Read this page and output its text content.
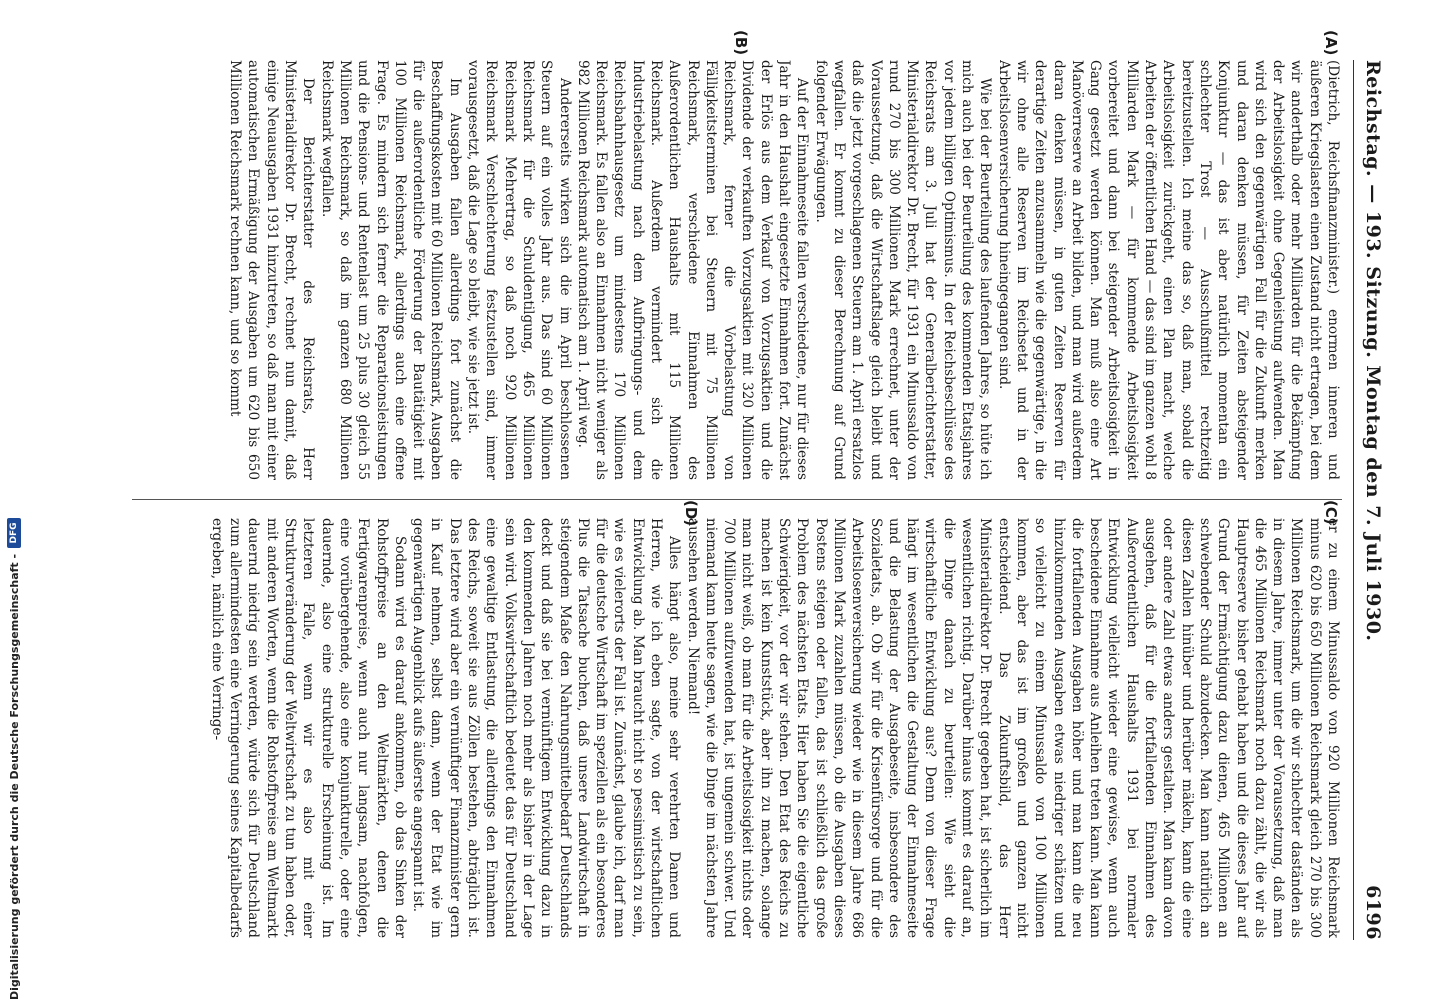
Reichstag. — 193. Sitzung. Montag den 7. Juli 1930.
6196

(Dietrich, Reichsfinanzminister.) enormen inneren und äußeren Kriegslasten einen Zustand nicht ertragen, bei dem wir anderthalb oder mehr Milliarden für die Bekämpfung der Arbeitslosigkeit ohne Gegenleistung aufwenden. Man wird sich den gegenwärtigen Fall für die Zukunft merken und daran denken müssen, für Zeiten absteigender Konjunktur — das ist aber natürlich momentan ein schlechter Trost — Ausschußmittel rechtzeitig bereitzustellen. Ich meine das so, daß man, sobald die Arbeitslosigkeit zurückgeht, einen Plan macht, welche Arbeiten der öffentlichen Hand — das sind im ganzen wohl 8 Milliarden Mark — für kommende Arbeitslosigkeit vorbereitet und dann bei steigender Arbeitslosigkeit in Gang gesetzt werden können. Man muß also eine Art Manöverreserve an Arbeit bilden, und man wird außerdem daran denken müssen, in guten Zeiten Reserven für derartige Zeiten anzusammeln wie die gegenwärtige, in die wir ohne alle Reserven im Reichsetat und in der Arbeitslosenversicherung hineingegangen sind.

Wie bei der Beurteilung des laufenden Jahres, so hüte ich mich auch bei der Beurteilung des kommenden Etatsjahres vor jedem billigen Optimismus. In der Reichsbeschlüsse des Reichsrats am 3. Juli hat der Generalberichterstatter, Ministerialdirektor Dr. Brecht, für 1931 ein Minussaldo von rund 270 bis 300 Millionen Mark errechnet, unter der Voraussetzung, daß die Wirtschaftslage gleich bleibt und daß die jetzt vorgeschlagenen Steuern am 1. April ersatzlos wegfallen. Er kommt zu dieser Berechnung auf Grund folgender Erwägungen.

Auf der Einnahmeseite fallen verschiedene, nur für dieses Jahr in den Haushalt eingesetzte Einnahmen fort. Zunächst der Erlös aus dem Verkauf von Vorzugsaktien und die Dividende der verkauften Vorzugsaktien mit 320 Millionen Reichsmark, ferner die Vorbelastung von Fälligkeitsterminen bei Steuern mit 75 Millionen Reichsmark, verschiedene Einnahmen des Außerordentlichen Haushalts mit 115 Millionen Reichsmark. Außerdem vermindert sich die Industriebelastung nach dem Aufbringungs- und dem Reichsbahnhausgesetz um mindestens 170 Millionen Reichsmark. Es fallen also an Einnahmen nicht weniger als 982 Millionen Reichsmark automatisch am 1. April weg.

Andererseits wirken sich die im April beschlossenen Steuern auf ein volles Jahr aus. Das sind 60 Millionen Reichsmark für die Schuldentilgung, 465 Millionen Reichsmark Mehrertrag, so daß noch 920 Millionen Reichsmark Verschlechterung festzustellen sind, immer vorausgesetzt, daß die Lage so bleibt, wie sie jetzt ist.

Im Ausgaben fallen allerdings fort zunächst die Beschaffungskosten mit 60 Millionen Reichsmark, Ausgaben für die außerordentliche Förderung der Bautätigkeit mit 100 Millionen Reichsmark, allerdings auch eine offene Frage. Es mindern sich ferner die Reparationsleistungen und die Pensions- und Rentenlast um 25 plus 30 gleich 55 Millionen Reichsmark, so daß im ganzen 680 Millionen Reichsmark wegfallen.

Der Berichterstatter des Reichsrats, Herr Ministerialdirektor Dr. Brecht, rechnet nun damit, daß einige Neuausgaben 1931 hinzutreten, so daß man mit einer automatischen Ermäßigung der Ausgaben um 620 bis 650 Millionen Reichsmark rechnen kann, und so kommt

er zu einem Minussaldo von 920 Millionen Reichsmark minus 620 bis 650 Millionen Reichsmark gleich 270 bis 300 Millionen Reichsmark, um die wir schlechter daständen als in diesem Jahre, immer unter der Voraussetzung, daß man die 465 Millionen Reichsmark noch dazu zählt, die wir als Hauptreserve bisher gehabt haben und die dieses Jahr auf Grund der Ermächtigung dazu dienen, 465 Millionen an schwebender Schuld abzudecken. Man kann natürlich an diesen Zahlen hinüber und herüber mäkeln, kann die eine oder andere Zahl etwas anders gestalten. Man kann davon ausgehen, daß für die fortfallenden Einnahmen des Außerordentlichen Haushalts 1931 bei normaler Entwicklung vielleicht wieder eine gewisse, wenn auch bescheidene Einnahme aus Anleihen treten kann. Man kann die fortfallenden Ausgaben höher und man kann die neu hinzukommenden Ausgaben etwas niedriger schätzen und so vielleicht zu einem Minussaldo von 100 Millionen kommen, aber das ist im großen und ganzen nicht entscheidend. Das Zukunftsbild, das Herr Ministerialdirektor Dr. Brecht gegeben hat, ist sicherlich im wesentlichen richtig. Darüber hinaus kommt es darauf an, die Dinge danach zu beurteilen: Wie sieht die wirtschaftliche Entwicklung aus? Denn von dieser Frage hängt im wesentlichen die Gestaltung der Einnahmeseite und die Belastung der Ausgabeseite, insbesondere des Sozialetats, ab. Ob wir für die Krisenfürsorge und für die Arbeitslosenversicherung wieder wie in diesem Jahre 686 Millionen Mark zuzahlen müssen, ob die Ausgaben dieses Postens steigen oder fallen, das ist schließlich das große Problem des nächsten Etats. Hier haben Sie die eigentliche Schwierigkeit, vor der wir stehen. Den Etat des Reichs zu machen ist kein Kunststück, aber ihn zu machen, solange man nicht weiß, ob man für die Arbeitslosigkeit nichts oder 700 Millionen aufzuwenden hat, ist ungemein schwer. Und niemand kann heute sagen, wie die Dinge im nächsten Jahre aussehen werden. Niemand!

Alles hängt also, meine sehr verehrten Damen und Herren, wie ich eben sagte, von der wirtschaftlichen Entwicklung ab. Man braucht nicht so pessimistisch zu sein, wie es vielerorts der Fall ist. Zunächst, glaube ich, darf man für die deutsche Wirtschaft im speziellen als ein besonderes Plus die Tatsache buchen, daß unsere Landwirtschaft in steigendem Maße den Nahrungsmittelbedarf Deutschlands deckt und daß sie bei vernünftigem Entwicklung dazu in den kommenden Jahren noch mehr als bisher in der Lage sein wird. Volkswirtschaftlich bedeutet das für Deutschland eine gewaltige Entlastung, die allerdings den Einnahmen des Reichs, soweit sie aus Zöllen bestehen, abträglich ist. Das letztere wird aber ein vernünftiger Finanzminister gern in Kauf nehmen, selbst dann, wenn der Etat wie im gegenwärtigen Augenblick aufs äußerste angespannt ist.

Sodann wird es darauf ankommen, ob das Sinken der Rohstoffpreise an den Weltmärkten, denen die Fertigwarenpreise, wenn auch nur langsam, nachfolgen, eine vorübergehende, also eine konjunkturelle, oder eine dauernde, also eine strukturelle Erscheinung ist. Im letzteren Falle, wenn wir es also mit einer Strukturveränderung der Weltwirtschaft zu tun haben oder, mit anderen Worten, wenn die Rohstoffpreise am Weltmarkt dauernd niedrig sein werden, würde sich für Deutschland zum allermindesten eine Verringerung seines Kapitalbedarfs ergeben, nämlich eine Verringe-

(A)
(B)
(C)
(D)
Digitalisierung gefördert durch die Deutsche Forschungsgemeinschaft -
DFG
